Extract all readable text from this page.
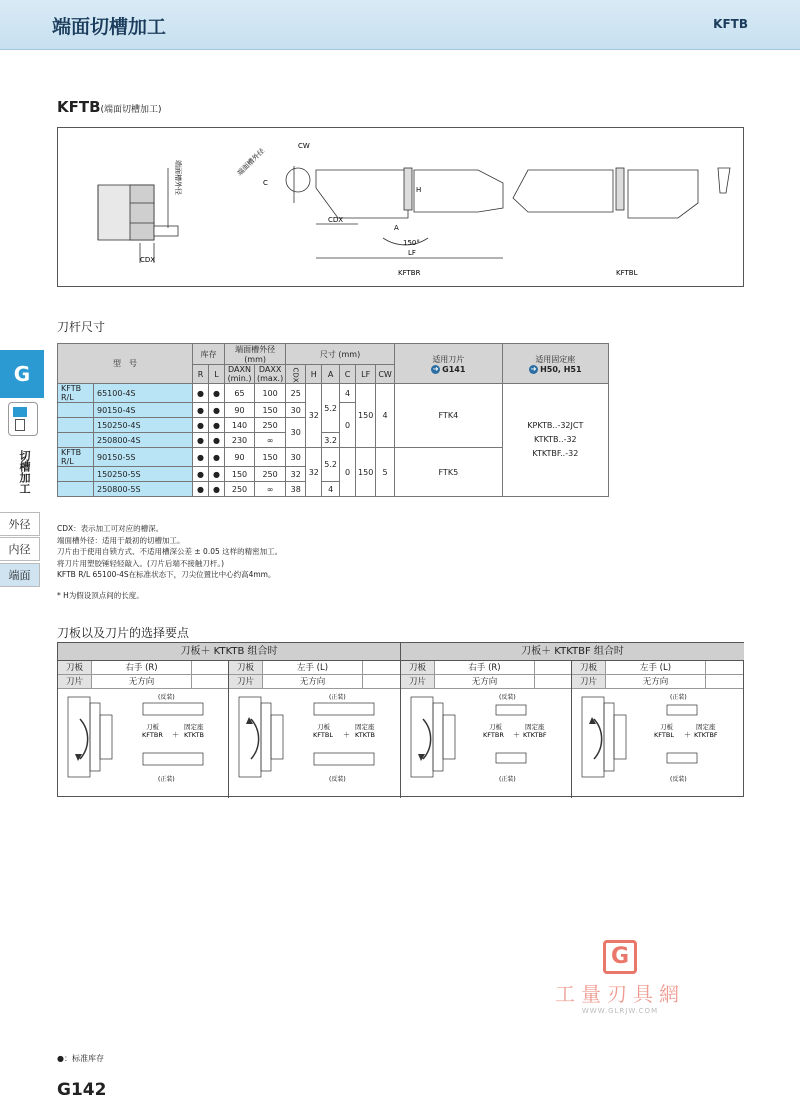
端面切槽加工	KFTB
G
切槽加工
外径
内径
端面
KFTB(端面切槽加工)
CDX
端面槽外径	端面槽外径
CW
C
CDX
H
A
150°
LF
KFTBR	KFTBL
刀杆尺寸
型　号		库存		端面槽外径
(mm)		尺寸 (mm)						适用刀片
➜ G141	适用固定座
➜ H50, H51
		R	L	DAXN
(min.)	DAXX
(max.)	CDX	H	A	C	LF	CW		
KFTB R/L	65100-4S	●	●	65	100	25	32	5.2	4	150	4	FTK4	KPKTB..-32JCT
KTKTB..-32
KTKTBF..-32

	90150-4S	●	●	90	150	30			0				
	150250-4S	●	●	140	250	30							
	250800-4S	●	●	230	∞			3.2					
KFTB R/L	90150-5S	●	●	90	150	30	32	5.2	0	150	5	FTK5	
	150250-5S	●	●	150	250	32							
	250800-5S	●	●	250	∞	38		4					
CDX：表示加工可对应的槽深。
端面槽外径：适用于最初的切槽加工。
刀片由于使用自锁方式、不适用槽深公差 ± 0.05 这样的精密加工。
将刀片用塑胶锤轻轻敲入。(刀片后端不接触刀杆。)
KFTB R/L 65100-4S在标准状态下，刀尖位置比中心约高4mm。
* H为假设顶点间的长度。
刀板以及刀片的选择要点
刀板＋ KTKTB 组合时
刀板	右手 (R)
刀片	无方向
(反装)
(正装)
刀板
KFTBR ＋
固定座
KTKTB
刀板	左手 (L)
刀片	无方向
(正装)
(反装)
刀板
KFTBL ＋
固定座
KTKTB
刀板＋ KTKTBF 组合时
刀板	右手 (R)
刀片	无方向
(反装)
(正装)
刀板
KFTBR ＋
固定座
KTKTBF
刀板	左手 (L)
刀片	无方向
(正装)
(反装)
刀板
KFTBL ＋
固定座
KTKTBF
G
工量刃具網
WWW.GLRJW.COM
●：标准库存
G142
